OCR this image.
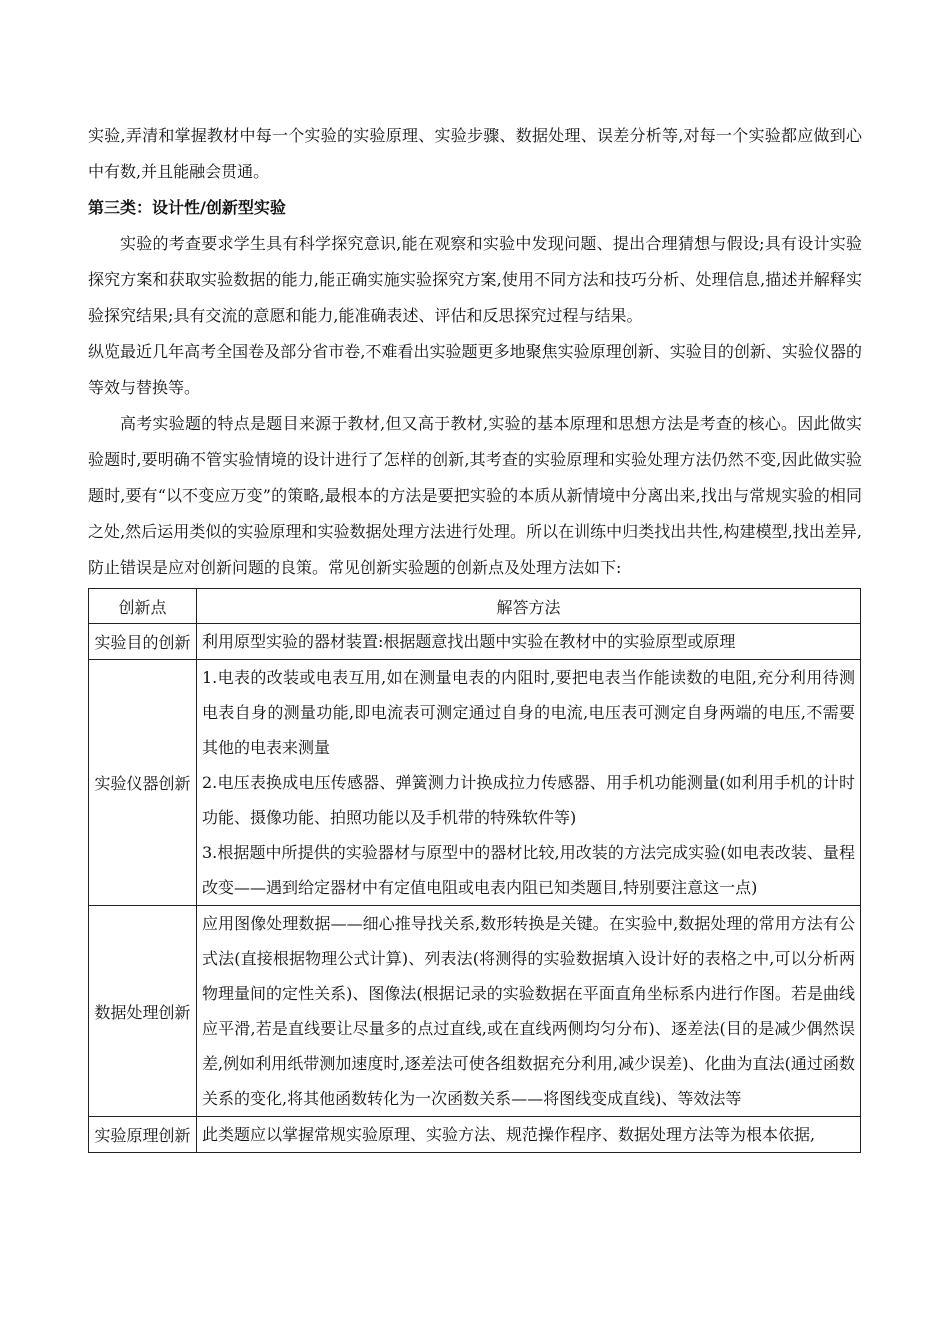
实验,弄清和掌握教材中每一个实验的实验原理、实验步骤、数据处理、误差分析等,对每一个实验都应做到心中有数,并且能融会贯通。

第三类：设计性/创新型实验

实验的考查要求学生具有科学探究意识,能在观察和实验中发现问题、提出合理猜想与假设;具有设计实验探究方案和获取实验数据的能力,能正确实施实验探究方案,使用不同方法和技巧分析、处理信息,描述并解释实验探究结果;具有交流的意愿和能力,能准确表述、评估和反思探究过程与结果。

纵览最近几年高考全国卷及部分省市卷,不难看出实验题更多地聚焦实验原理创新、实验目的创新、实验仪器的等效与替换等。

高考实验题的特点是题目来源于教材,但又高于教材,实验的基本原理和思想方法是考查的核心。因此做实验题时,要明确不管实验情境的设计进行了怎样的创新,其考查的实验原理和实验处理方法仍然不变,因此做实验题时,要有“以不变应万变”的策略,最根本的方法是要把实验的本质从新情境中分离出来,找出与常规实验的相同之处,然后运用类似的实验原理和实验数据处理方法进行处理。所以在训练中归类找出共性,构建模型,找出差异,防止错误是应对创新问题的良策。常见创新实验题的创新点及处理方法如下:

创新点	解答方法
实验目的创新	利用原型实验的器材装置:根据题意找出题中实验在教材中的实验原型或原理

实验仪器创新	1.电表的改装或电表互用,如在测量电表的内阻时,要把电表当作能读数的电阻,充分利用待测电表自身的测量功能,即电流表可测定通过自身的电流,电压表可测定自身两端的电压,不需要其他的电表来测量
2.电压表换成电压传感器、弹簧测力计换成拉力传感器、用手机功能测量(如利用手机的计时功能、摄像功能、拍照功能以及手机带的特殊软件等)
3.根据题中所提供的实验器材与原型中的器材比较,用改装的方法完成实验(如电表改装、量程改变——遇到给定器材中有定值电阻或电表内阻已知类题目,特别要注意这一点)

数据处理创新	应用图像处理数据——细心推导找关系,数形转换是关键。在实验中,数据处理的常用方法有公式法(直接根据物理公式计算)、列表法(将测得的实验数据填入设计好的表格之中,可以分析两物理量间的定性关系)、图像法(根据记录的实验数据在平面直角坐标系内进行作图。若是曲线应平滑,若是直线要让尽量多的点过直线,或在直线两侧均匀分布)、逐差法(目的是减少偶然误差,例如利用纸带测加速度时,逐差法可使各组数据充分利用,减少误差)、化曲为直法(通过函数关系的变化,将其他函数转化为一次函数关系——将图线变成直线)、等效法等

实验原理创新	此类题应以掌握常规实验原理、实验方法、规范操作程序、数据处理方法等为根本依据,
